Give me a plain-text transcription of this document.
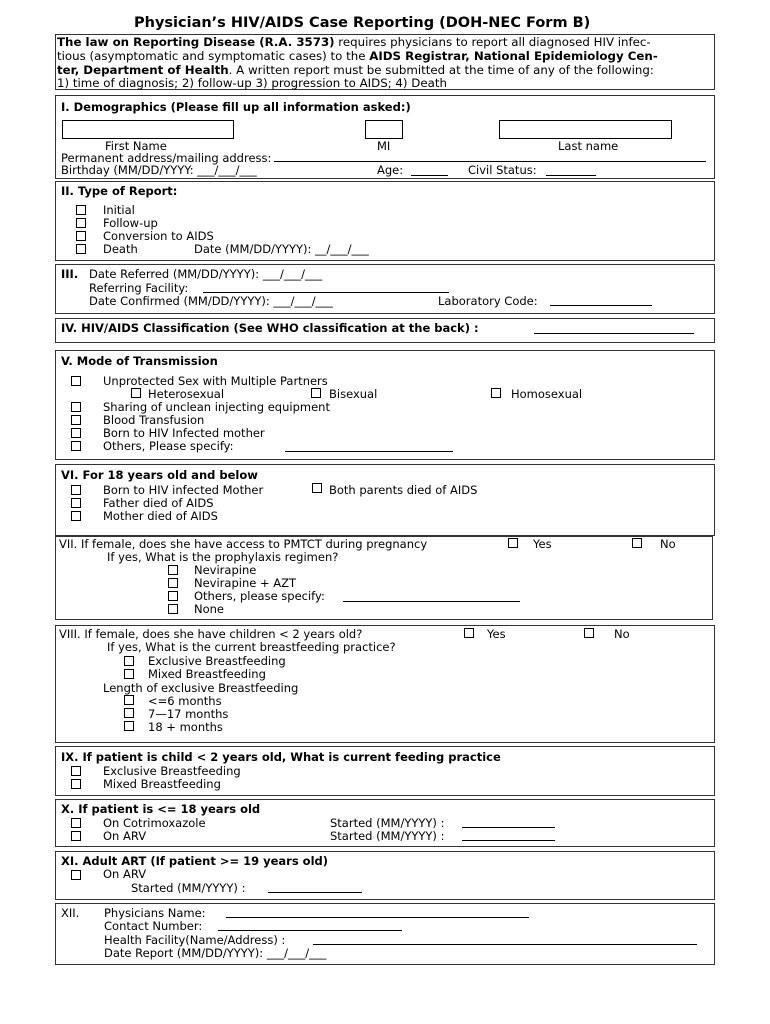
Physician’s HIV/AIDS Case Reporting (DOH-NEC Form B)
The law on Reporting Disease (R.A. 3573) requires physicians to report all diagnosed HIV infec-
tious (asymptomatic and symptomatic cases) to the AIDS Registrar, National Epidemiology Cen-
ter, Department of Health. A written report must be submitted at the time of any of the following:
1) time of diagnosis; 2) follow-up 3) progression to AIDS; 4) Death
I. Demographics (Please fill up all information asked:)
First Name	MI	Last name
Permanent address/mailing address:
Birthday (MM/DD/YYYY: ___/___/___	Age:	Civil Status:
II. Type of Report:
Initial
Follow-up
Conversion to AIDS
Death	Date (MM/DD/YYYY): __/___/___
III. Date Referred (MM/DD/YYYY): ___/___/___
Referring Facility:
Date Confirmed (MM/DD/YYYY): ___/___/___	Laboratory Code:
IV. HIV/AIDS Classification (See WHO classification at the back) :
V. Mode of Transmission
Unprotected Sex with Multiple Partners
Heterosexual	Bisexual	Homosexual
Sharing of unclean injecting equipment
Blood Transfusion
Born to HIV Infected mother
Others, Please specify:
VI. For 18 years old and below
Born to HIV infected Mother	Both parents died of AIDS
Father died of AIDS
Mother died of AIDS
VII. If female, does she have access to PMTCT during pregnancy	Yes	No
If yes, What is the prophylaxis regimen?
Nevirapine
Nevirapine + AZT
Others, please specify:
None
VIII. If female, does she have children < 2 years old?	Yes	No
If yes, What is the current breastfeeding practice?
Exclusive Breastfeeding
Mixed Breastfeeding
Length of exclusive Breastfeeding
<=6 months
7—17 months
18 + months
IX. If patient is child < 2 years old, What is current feeding practice
Exclusive Breastfeeding
Mixed Breastfeeding
X. If patient is <= 18 years old
On Cotrimoxazole	Started (MM/YYYY) :
On ARV	Started (MM/YYYY) :
XI. Adult ART (If patient >= 19 years old)
On ARV
Started (MM/YYYY) :
XII. Physicians Name:
Contact Number:
Health Facility(Name/Address) :
Date Report (MM/DD/YYYY): ___/___/___
